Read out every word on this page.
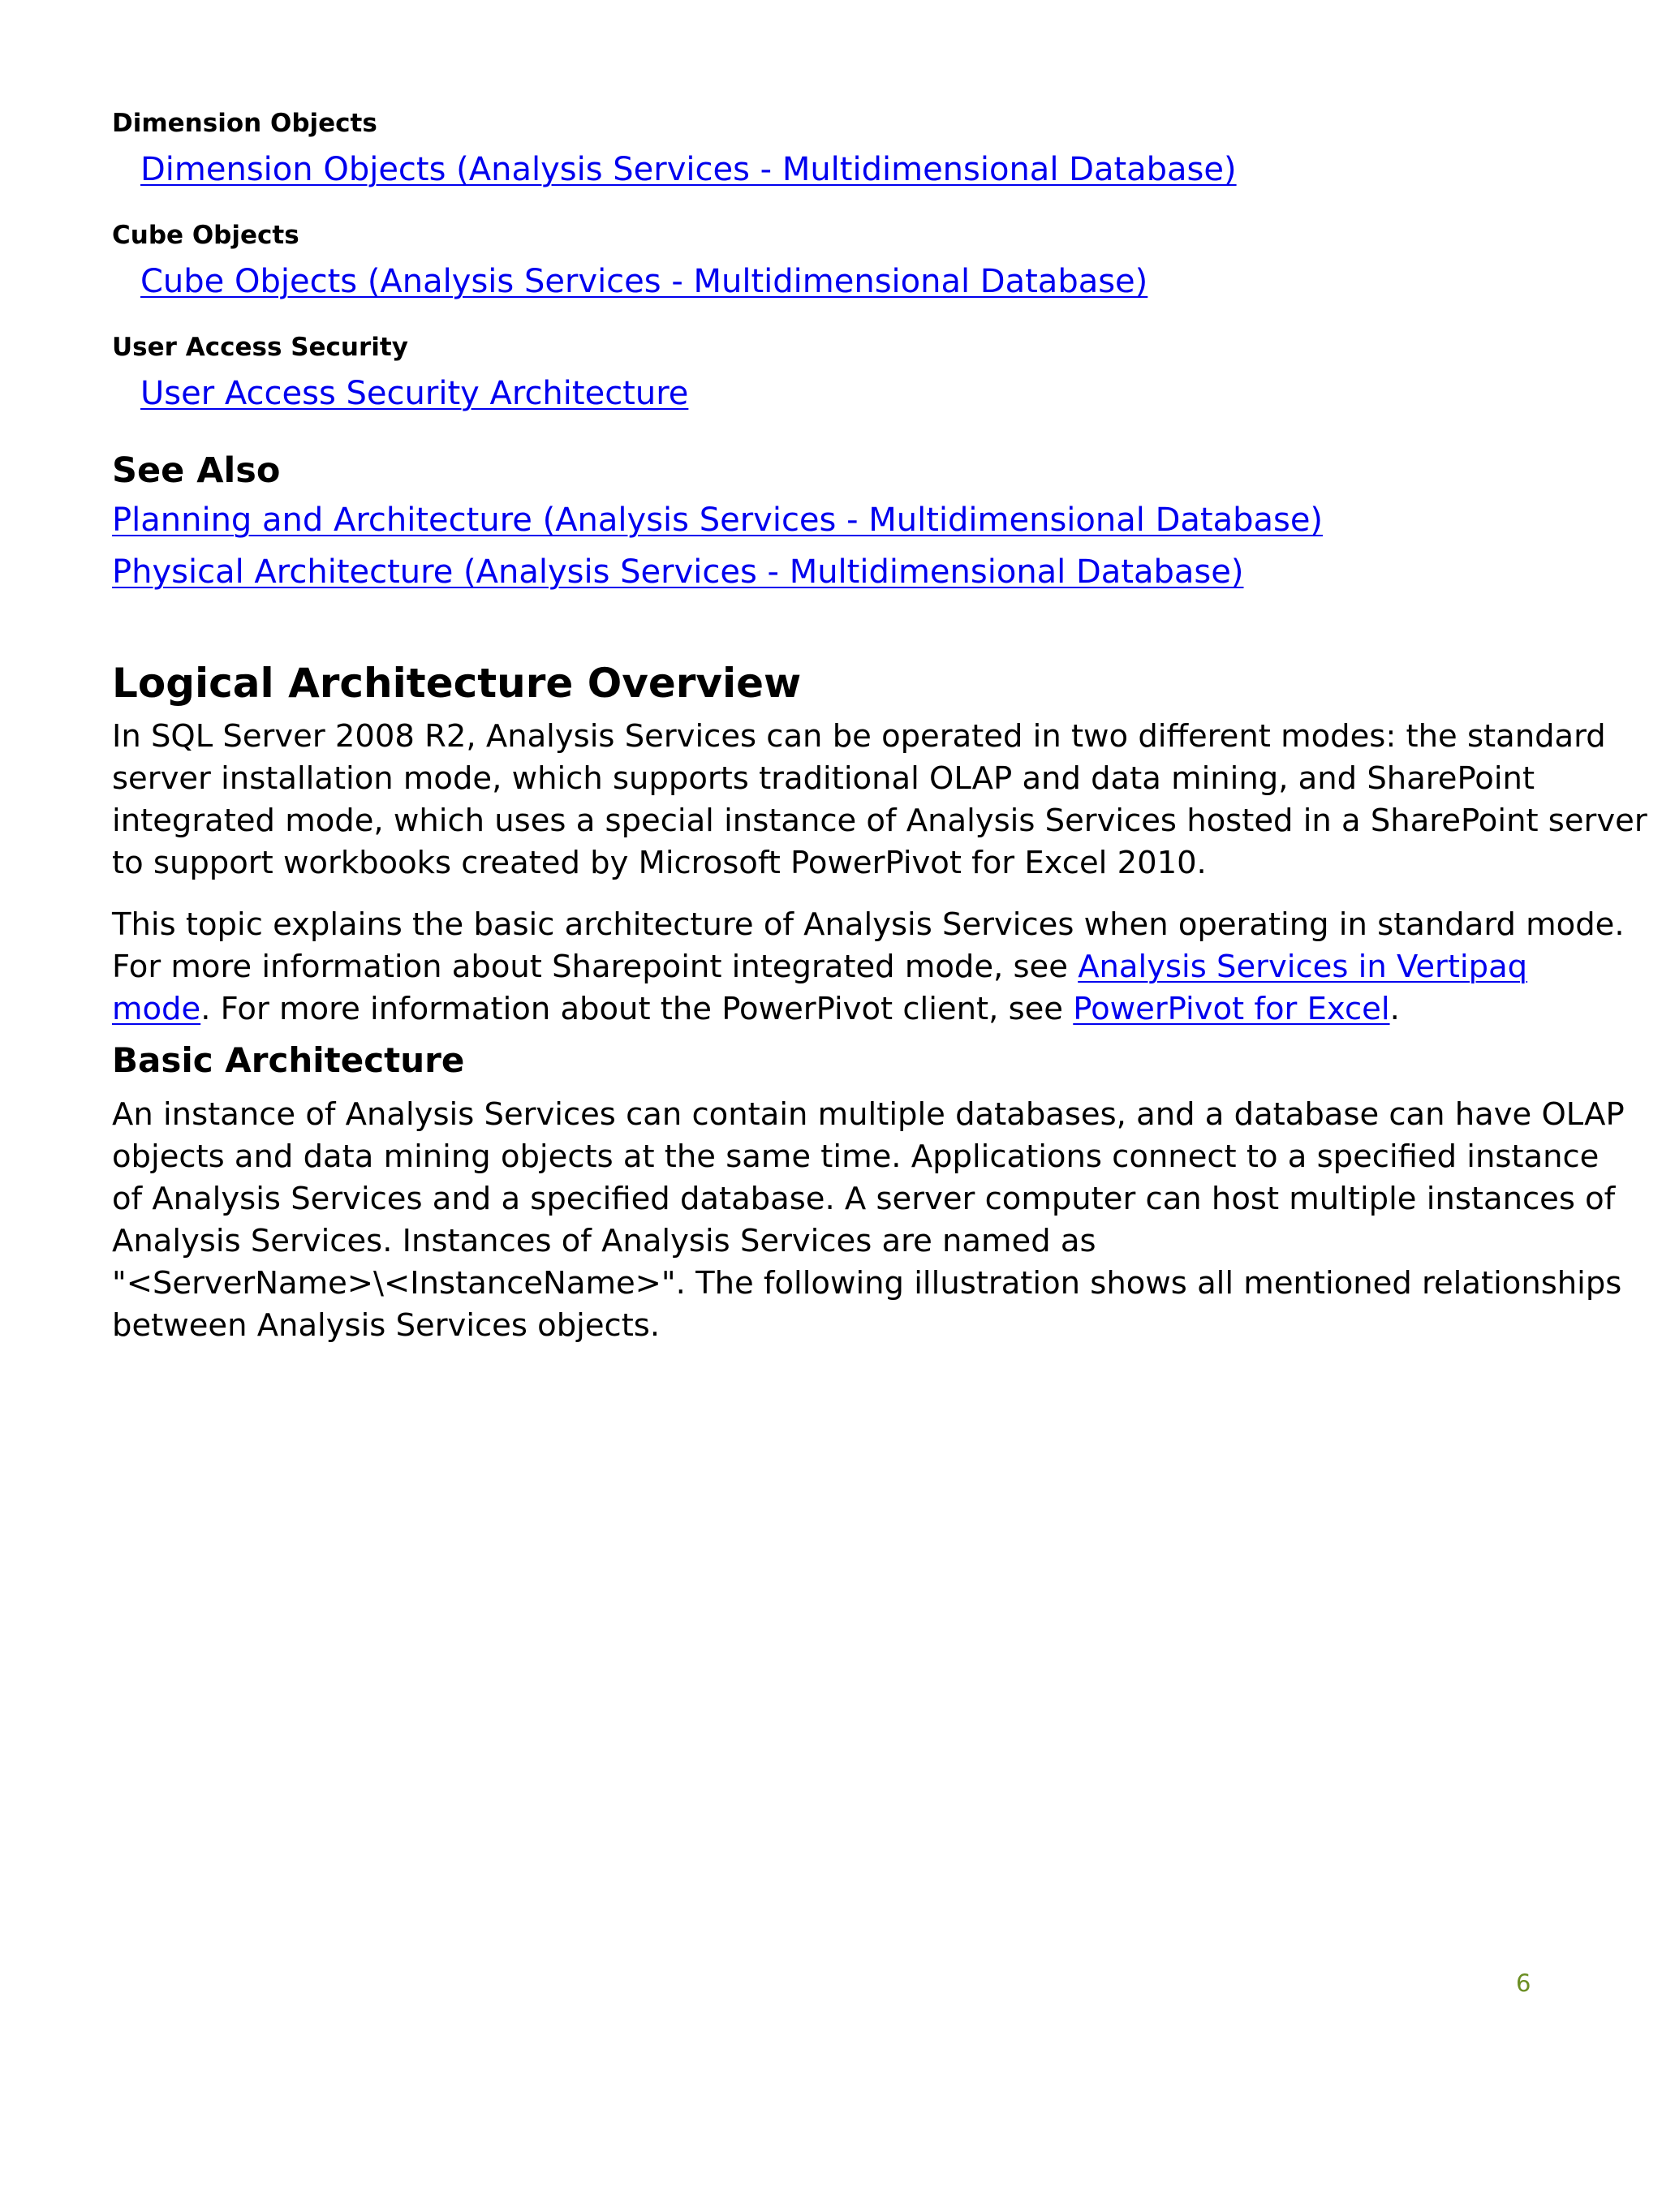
Dimension Objects
Dimension Objects (Analysis Services - Multidimensional Database)
Cube Objects
Cube Objects (Analysis Services - Multidimensional Database)
User Access Security
User Access Security Architecture
See Also
Planning and Architecture (Analysis Services - Multidimensional Database)
Physical Architecture (Analysis Services - Multidimensional Database)
Logical Architecture Overview
In SQL Server 2008 R2, Analysis Services can be operated in two different modes: the standard
server installation mode, which supports traditional OLAP and data mining, and SharePoint
integrated mode, which uses a special instance of Analysis Services hosted in a SharePoint server
to support workbooks created by Microsoft PowerPivot for Excel 2010.
This topic explains the basic architecture of Analysis Services when operating in standard mode.
For more information about Sharepoint integrated mode, see Analysis Services in Vertipaq
mode. For more information about the PowerPivot client, see PowerPivot for Excel.
Basic Architecture
An instance of Analysis Services can contain multiple databases, and a database can have OLAP
objects and data mining objects at the same time. Applications connect to a specified instance
of Analysis Services and a specified database. A server computer can host multiple instances of
Analysis Services. Instances of Analysis Services are named as
"<ServerName>\<InstanceName>". The following illustration shows all mentioned relationships
between Analysis Services objects.
6
